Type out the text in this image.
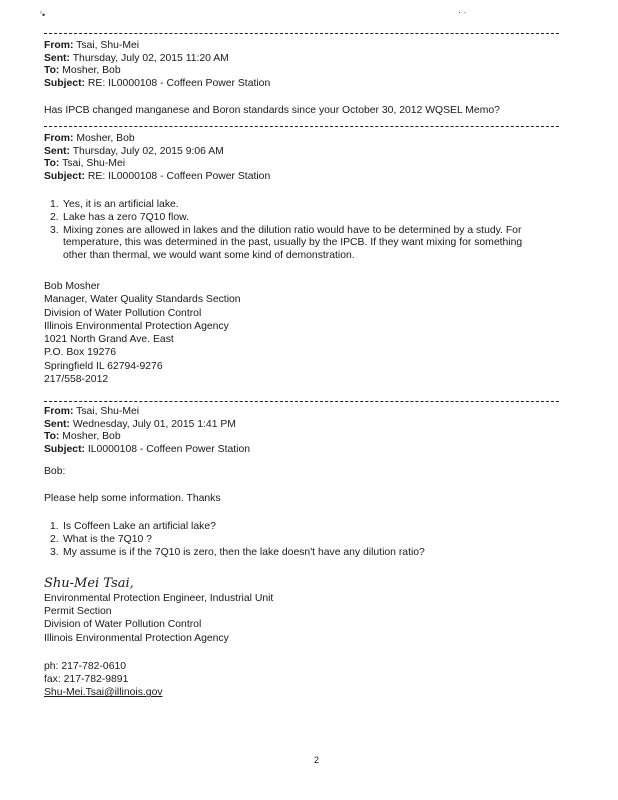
’•	· ·
From: Tsai, Shu-Mei
Sent: Thursday, July 02, 2015 11:20 AM
To: Mosher, Bob
Subject: RE: IL0000108 - Coffeen Power Station
Has IPCB changed manganese and Boron standards since your October 30, 2012 WQSEL Memo?
From: Mosher, Bob
Sent: Thursday, July 02, 2015 9:06 AM
To: Tsai, Shu-Mei
Subject: RE: IL0000108 - Coffeen Power Station
1. Yes, it is an artificial lake.
2. Lake has a zero 7Q10 flow.
3. Mixing zones are allowed in lakes and the dilution ratio would have to be determined by a study. For temperature, this was determined in the past, usually by the IPCB. If they want mixing for something other than thermal, we would want some kind of demonstration.
Bob Mosher
Manager, Water Quality Standards Section
Division of Water Pollution Control
Illinois Environmental Protection Agency
1021 North Grand Ave. East
P.O. Box 19276
Springfield IL 62794-9276
217/558-2012
From: Tsai, Shu-Mei
Sent: Wednesday, July 01, 2015 1:41 PM
To: Mosher, Bob
Subject: IL0000108 - Coffeen Power Station
Bob:
Please help some information. Thanks
1. Is Coffeen Lake an artificial lake?
2. What is the 7Q10 ?
3. My assume is if the 7Q10 is zero, then the lake doesn't have any dilution ratio?
Shu-Mei Tsai,
Environmental Protection Engineer, Industrial Unit
Permit Section
Division of Water Pollution Control
Illinois Environmental Protection Agency
ph: 217-782-0610
fax: 217-782-9891
Shu-Mei.Tsai@illinois.gov
2
